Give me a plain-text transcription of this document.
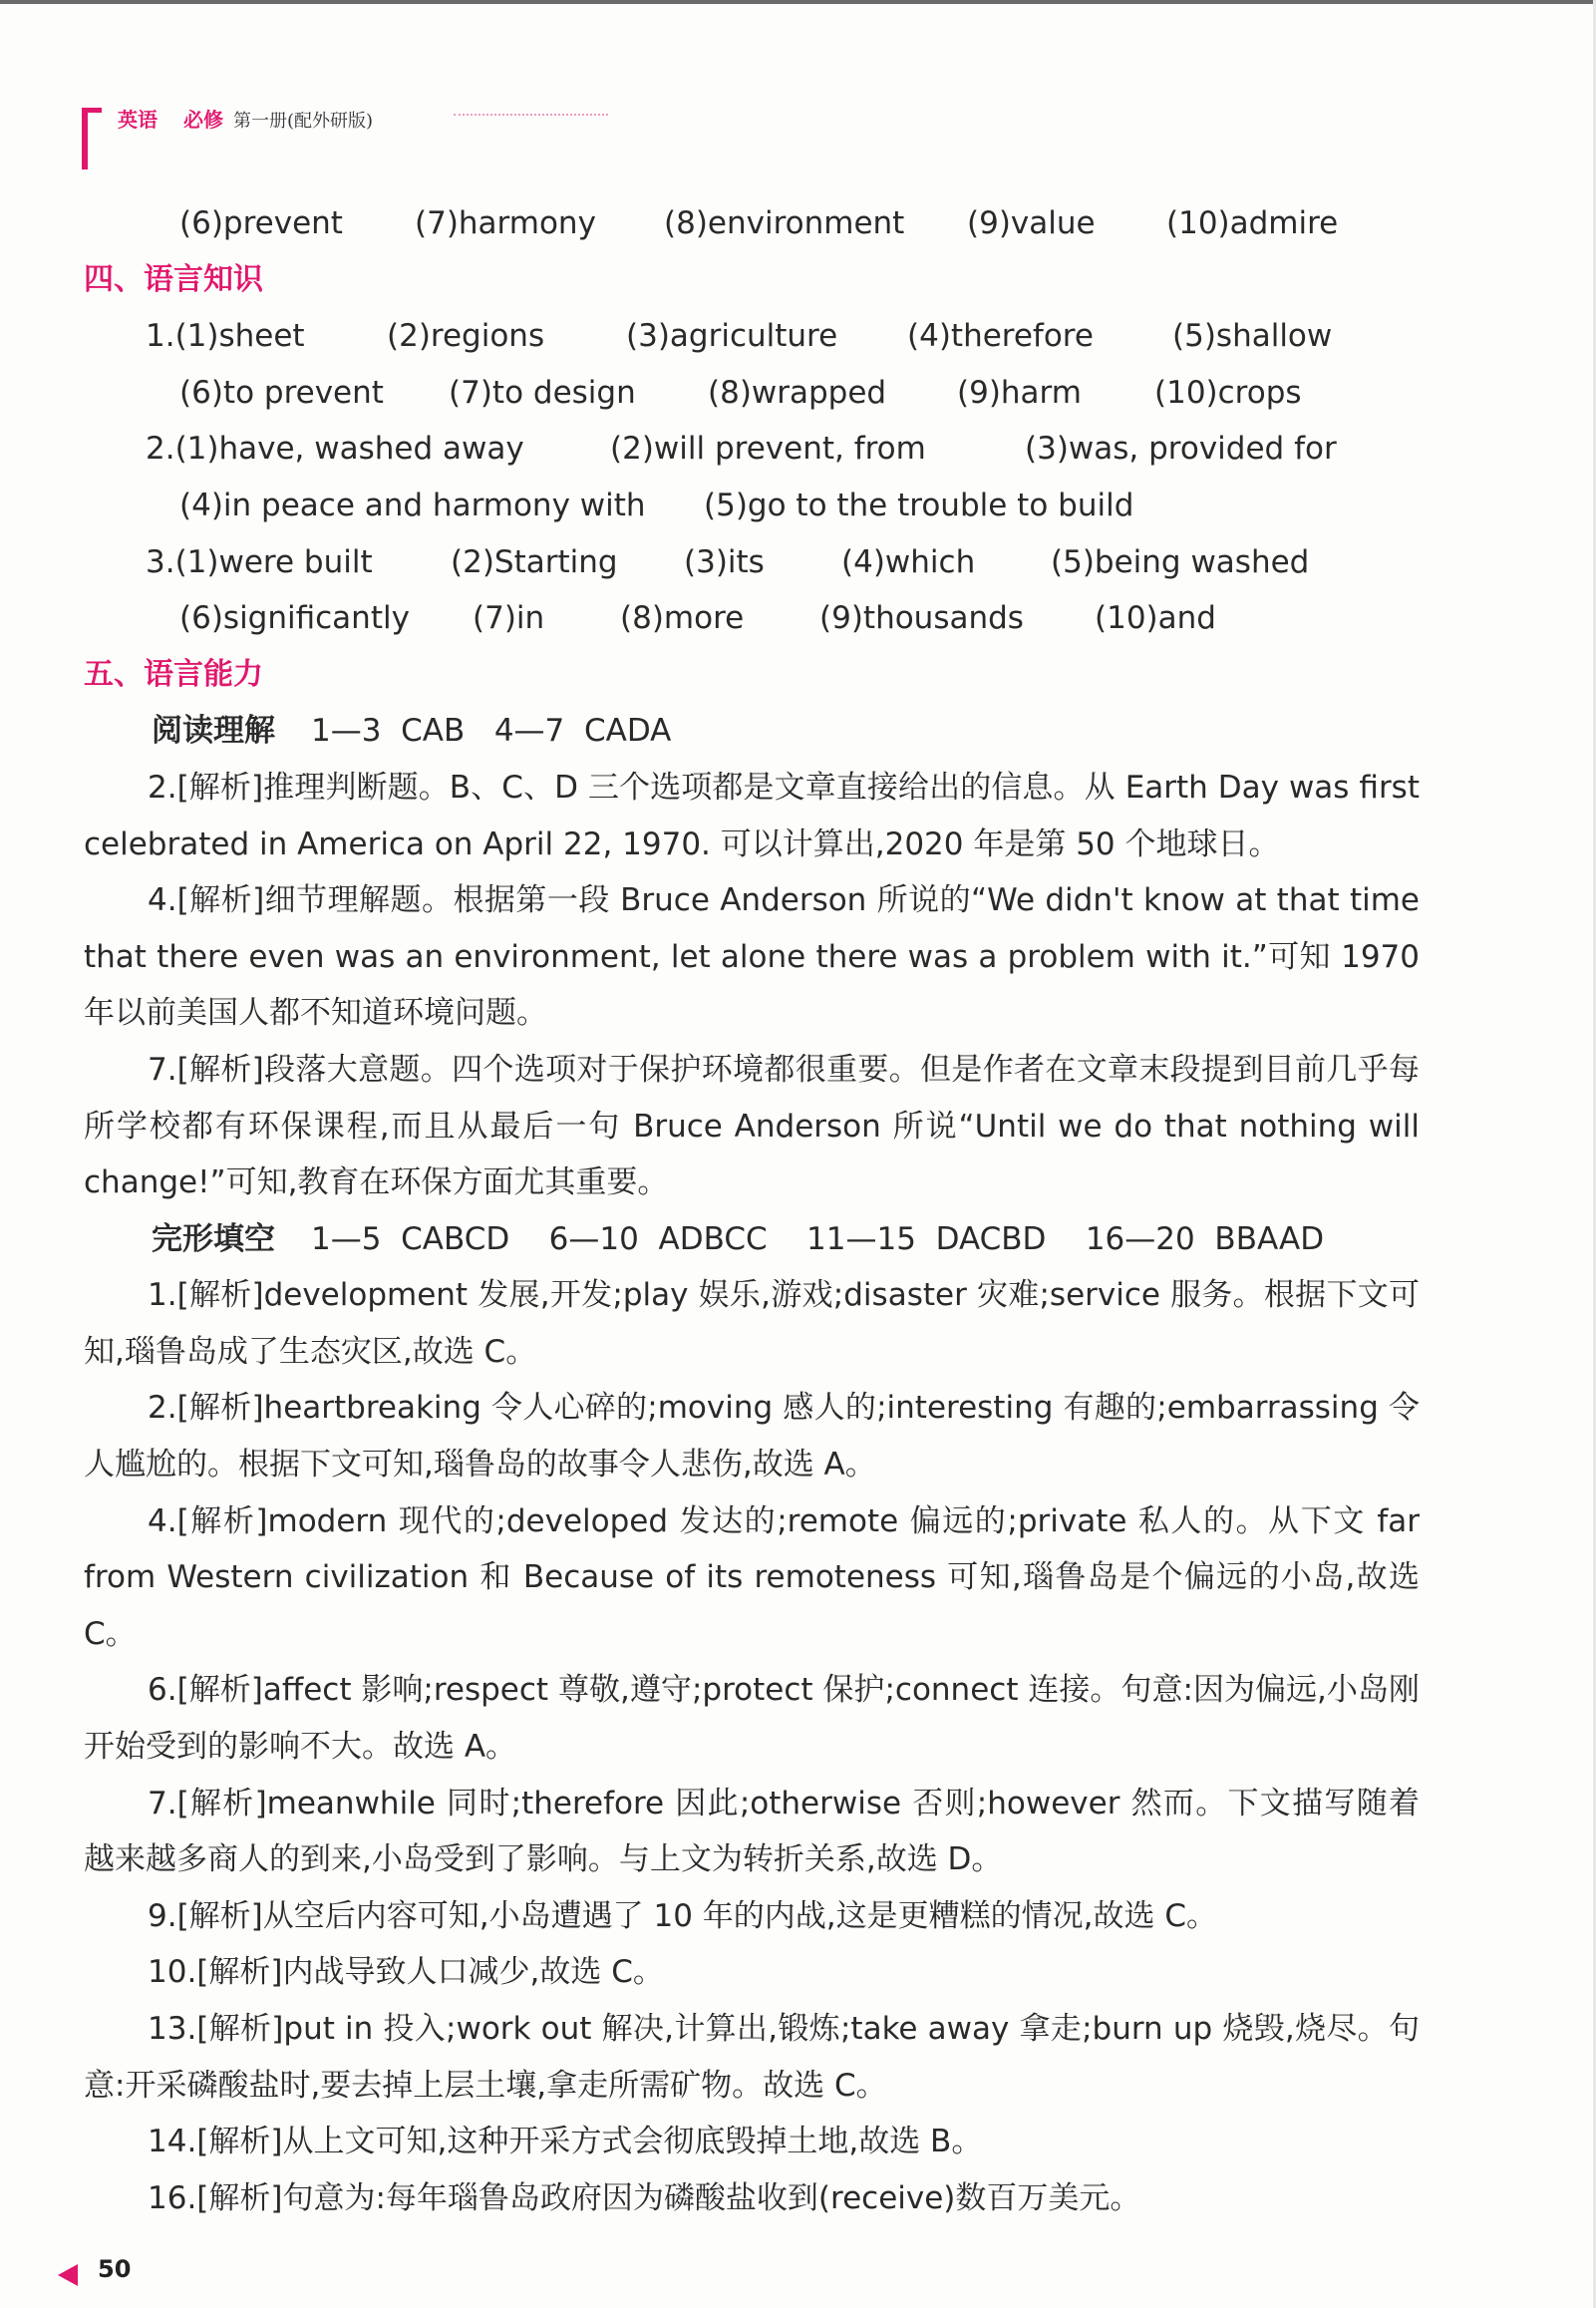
英语 必修 第一册(配外研版)
(6)prevent	(7)harmony	(8)environment	(9)value	(10)admire
四、语言知识
1.(1)sheet	(2)regions	(3)agriculture	(4)therefore	(5)shallow
(6)to prevent	(7)to design	(8)wrapped	(9)harm	(10)crops
2.(1)have, washed away	(2)will prevent, from	(3)was, provided for
(4)in peace and harmony with	(5)go to the trouble to build
3.(1)were built	(2)Starting	(3)its	(4)which	(5)being washed
(6)significantly	(7)in	(8)more	(9)thousands	(10)and
五、语言能力
阅读理解 1—3  CAB   4—7  CADA

2.[解析]推理判断题。B、C、D 三个选项都是文章直接给出的信息。从 Earth Day was first celebrated in America on April 22, 1970. 可以计算出,2020 年是第 50 个地球日。

4.[解析]细节理解题。根据第一段 Bruce Anderson 所说的“We didn't know at that time that there even was an environment, let alone there was a problem with it.”可知 1970 年以前美国人都不知道环境问题。

7.[解析]段落大意题。四个选项对于保护环境都很重要。但是作者在文章末段提到目前几乎每所学校都有环保课程,而且从最后一句 Bruce Anderson 所说“Until we do that nothing will change!”可知,教育在环保方面尤其重要。

完形填空 1—5  CABCD    6—10  ADBCC    11—15  DACBD    16—20  BBAAD

1.[解析]development 发展,开发;play 娱乐,游戏;disaster 灾难;service 服务。根据下文可知,瑙鲁岛成了生态灾区,故选 C。

2.[解析]heartbreaking 令人心碎的;moving 感人的;interesting 有趣的;embarrassing 令人尴尬的。根据下文可知,瑙鲁岛的故事令人悲伤,故选 A。

4.[解析]modern 现代的;developed 发达的;remote 偏远的;private 私人的。从下文 far from Western civilization 和 Because of its remoteness 可知,瑙鲁岛是个偏远的小岛,故选 C。

6.[解析]affect 影响;respect 尊敬,遵守;protect 保护;connect 连接。句意:因为偏远,小岛刚开始受到的影响不大。故选 A。

7.[解析]meanwhile 同时;therefore 因此;otherwise 否则;however 然而。下文描写随着越来越多商人的到来,小岛受到了影响。与上文为转折关系,故选 D。

9.[解析]从空后内容可知,小岛遭遇了 10 年的内战,这是更糟糕的情况,故选 C。

10.[解析]内战导致人口减少,故选 C。

13.[解析]put in 投入;work out 解决,计算出,锻炼;take away 拿走;burn up 烧毁,烧尽。句意:开采磷酸盐时,要去掉上层土壤,拿走所需矿物。故选 C。

14.[解析]从上文可知,这种开采方式会彻底毁掉土地,故选 B。

16.[解析]句意为:每年瑙鲁岛政府因为磷酸盐收到(receive)数百万美元。

50
